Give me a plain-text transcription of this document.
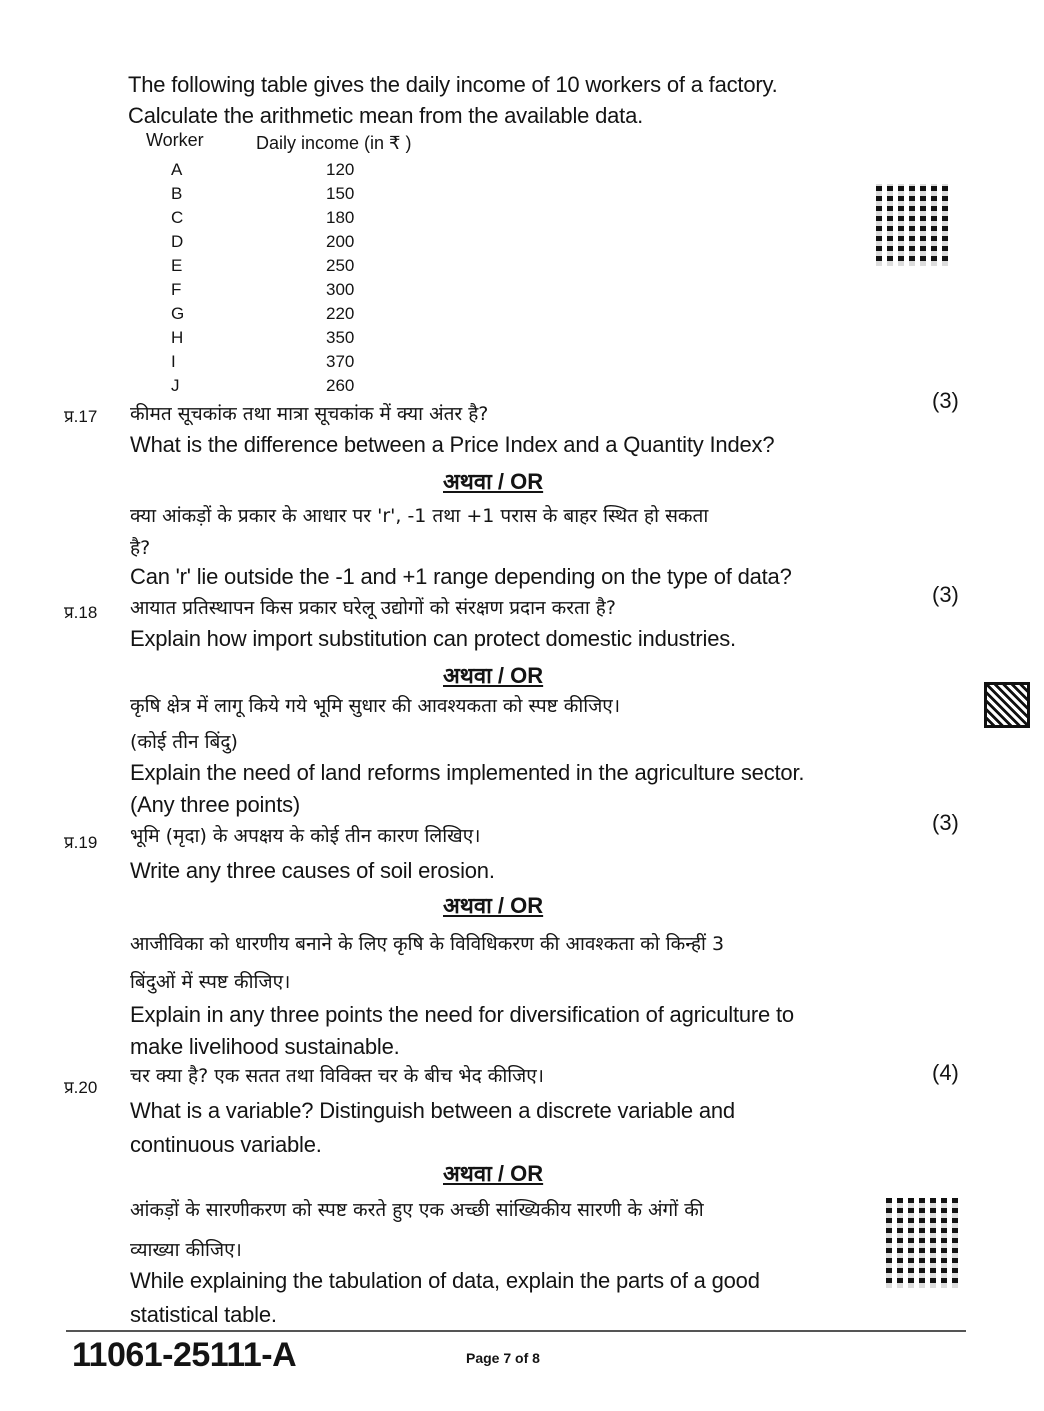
The following table gives the daily income of 10 workers of a factory.
Calculate the arithmetic mean from the available data.
Worker	Daily income (in ₹ )
A	120
B	150
C	180
D	200
E	250
F	300
G	220
H	350
I	370
J	260
प्र.17 कीमत सूचकांक तथा मात्रा सूचकांक में क्या अंतर है?
(3)
What is the difference between a Price Index and a Quantity Index?
अथवा / OR
क्या आंकड़ों के प्रकार के आधार पर 'r', -1 तथा +1 परास के बाहर स्थित हो सकता
है?
Can 'r' lie outside the -1 and +1 range depending on the type of data?
प्र.18 आयात प्रतिस्थापन किस प्रकार घरेलू उद्योगों को संरक्षण प्रदान करता है?
(3)
Explain how import substitution can protect domestic industries.
अथवा / OR
कृषि क्षेत्र में लागू किये गये भूमि सुधार की आवश्यकता को स्पष्ट कीजिए।
(कोई तीन बिंदु)
Explain the need of land reforms implemented in the agriculture sector.
(Any three points)
प्र.19 भूमि (मृदा) के अपक्षय के कोई तीन कारण लिखिए।
(3)
Write any three causes of soil erosion.
अथवा / OR
आजीविका को धारणीय बनाने के लिए कृषि के विविधिकरण की आवश्कता को किन्हीं 3
बिंदुओं में स्पष्ट कीजिए।
Explain in any three points the need for diversification of agriculture to
make livelihood sustainable.
प्र.20
चर क्या है? एक सतत तथा विविक्त चर के बीच भेद कीजिए।	(4)
What is a variable? Distinguish between a discrete variable and
continuous variable.
अथवा / OR
आंकड़ों के सारणीकरण को स्पष्ट करते हुए एक अच्छी सांख्यिकीय सारणी के अंगों की
व्याख्या कीजिए।
While explaining the tabulation of data, explain the parts of a good
statistical table.
11061-25111-A	Page 7 of 8
